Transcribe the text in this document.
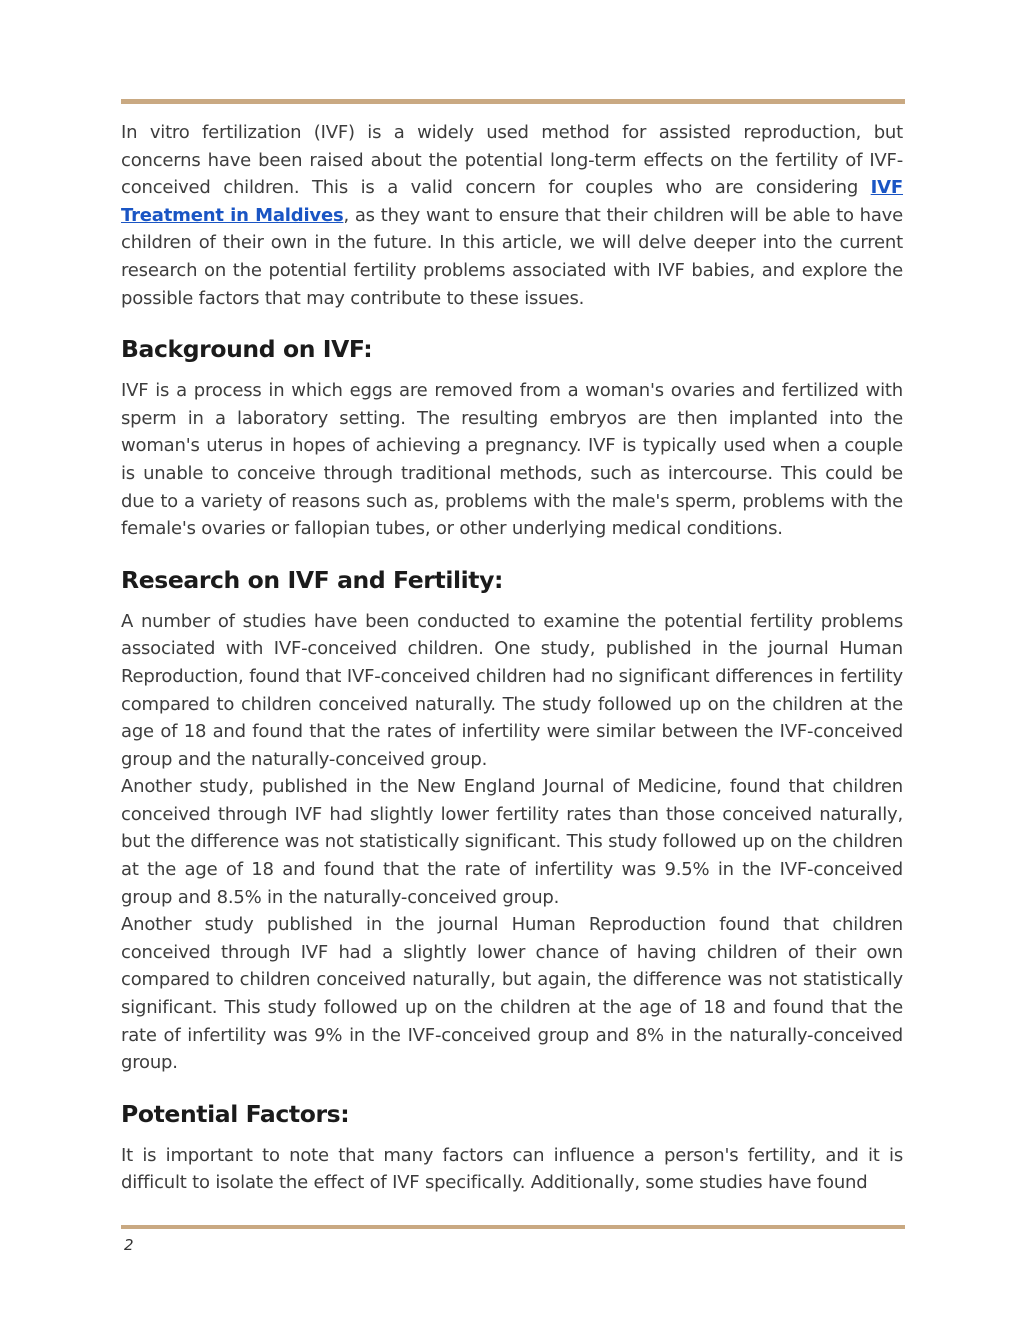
In vitro fertilization (IVF) is a widely used method for assisted reproduction, but concerns have been raised about the potential long-term effects on the fertility of IVF-conceived children. This is a valid concern for couples who are considering IVF Treatment in Maldives, as they want to ensure that their children will be able to have children of their own in the future. In this article, we will delve deeper into the current research on the potential fertility problems associated with IVF babies, and explore the possible factors that may contribute to these issues.

Background on IVF:

IVF is a process in which eggs are removed from a woman's ovaries and fertilized with sperm in a laboratory setting. The resulting embryos are then implanted into the woman's uterus in hopes of achieving a pregnancy. IVF is typically used when a couple is unable to conceive through traditional methods, such as intercourse. This could be due to a variety of reasons such as, problems with the male's sperm, problems with the female's ovaries or fallopian tubes, or other underlying medical conditions.

Research on IVF and Fertility:

A number of studies have been conducted to examine the potential fertility problems associated with IVF-conceived children. One study, published in the journal Human Reproduction, found that IVF-conceived children had no significant differences in fertility compared to children conceived naturally. The study followed up on the children at the age of 18 and found that the rates of infertility were similar between the IVF-conceived group and the naturally-conceived group.

Another study, published in the New England Journal of Medicine, found that children conceived through IVF had slightly lower fertility rates than those conceived naturally, but the difference was not statistically significant. This study followed up on the children at the age of 18 and found that the rate of infertility was 9.5% in the IVF-conceived group and 8.5% in the naturally-conceived group.

Another study published in the journal Human Reproduction found that children conceived through IVF had a slightly lower chance of having children of their own compared to children conceived naturally, but again, the difference was not statistically significant. This study followed up on the children at the age of 18 and found that the rate of infertility was 9% in the IVF-conceived group and 8% in the naturally-conceived group.

Potential Factors:

It is important to note that many factors can influence a person's fertility, and it is difficult to isolate the effect of IVF specifically. Additionally, some studies have found

2
